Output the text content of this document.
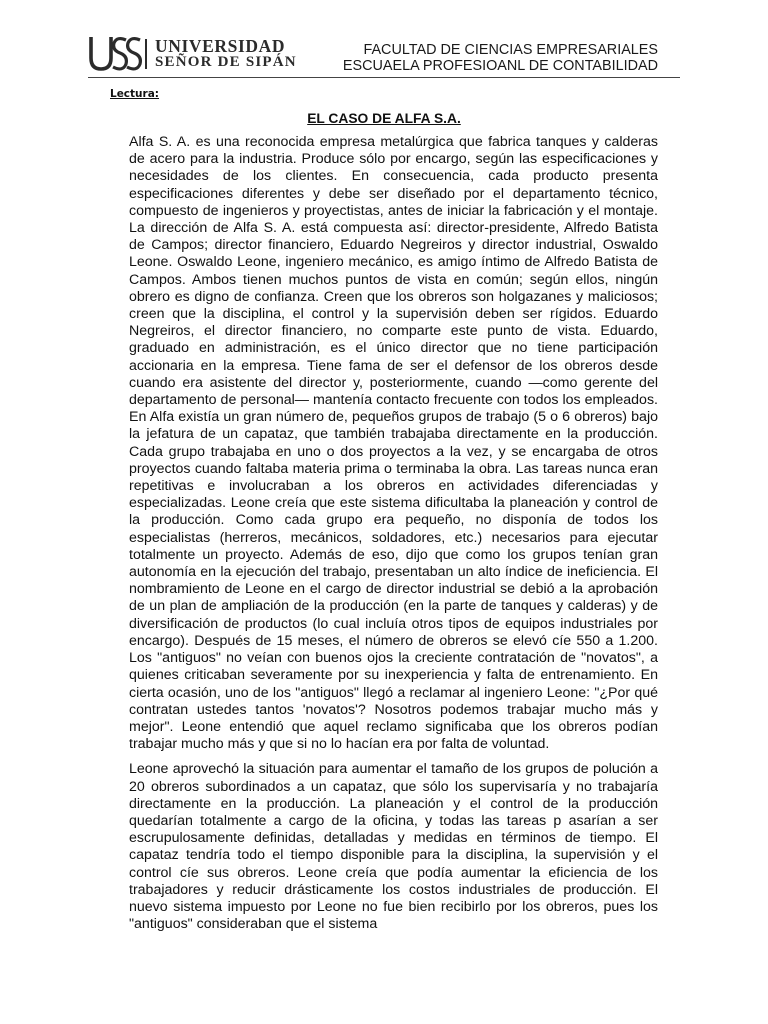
UNIVERSIDAD
SEÑOR DE SIPÁN
FACULTAD DE CIENCIAS EMPRESARIALES
ESCUAELA PROFESIOANL DE CONTABILIDAD
Lectura:
EL CASO DE ALFA S.A.

Alfa S. A. es una reconocida empresa metalúrgica que fabrica tanques y calderas de acero para la industria. Produce sólo por encargo, según las especificaciones y necesidades de los clientes. En consecuencia, cada producto presenta especificaciones diferentes y debe ser diseñado por el departamento técnico, compuesto de ingenieros y proyectistas, antes de iniciar la fabricación y el montaje. La dirección de Alfa S. A. está compuesta así: director-presidente, Alfredo Batista de Campos; director financiero, Eduardo Negreiros y director industrial, Oswaldo Leone. Oswaldo Leone, ingeniero mecánico, es amigo íntimo de Alfredo Batista de Campos. Ambos tienen muchos puntos de vista en común; según ellos, ningún obrero es digno de confianza. Creen que los obreros son holgazanes y maliciosos; creen que la disciplina, el control y la supervisión deben ser rígidos. Eduardo Negreiros, el director financiero, no comparte este punto de vista. Eduardo, graduado en administración, es el único director que no tiene participación accionaria en la empresa. Tiene fama de ser el defensor de los obreros desde cuando era asistente del director y, posteriormente, cuando —como gerente del departamento de personal— mantenía contacto frecuente con todos los empleados. En Alfa existía un gran número de, pequeños grupos de trabajo (5 o 6 obreros) bajo la jefatura de un capataz, que también trabajaba directamente en la producción. Cada grupo trabajaba en uno o dos proyectos a la vez, y se encargaba de otros proyectos cuando faltaba materia prima o terminaba la obra. Las tareas nunca eran repetitivas e involucraban a los obreros en actividades diferenciadas y especializadas. Leone creía que este sistema dificultaba la planeación y control de la producción. Como cada grupo era pequeño, no disponía de todos los especialistas (herreros, mecánicos, soldadores, etc.) necesarios para ejecutar totalmente un proyecto. Además de eso, dijo que como los grupos tenían gran autonomía en la ejecución del trabajo, presentaban un alto índice de ineficiencia. El nombramiento de Leone en el cargo de director industrial se debió a la aprobación de un plan de ampliación de la producción (en la parte de tanques y calderas) y de diversificación de productos (lo cual incluía otros tipos de equipos industriales por encargo). Después de 15 meses, el número de obreros se elevó cíe 550 a 1.200. Los "antiguos" no veían con buenos ojos la creciente contratación de "novatos", a quienes criticaban severamente por su inexperiencia y falta de entrenamiento. En cierta ocasión, uno de los "antiguos" llegó a reclamar al ingeniero Leone: "¿Por qué contratan ustedes tantos 'novatos'? Nosotros podemos trabajar mucho más y mejor". Leone entendió que aquel reclamo significaba que los obreros podían trabajar mucho más y que si no lo hacían era por falta de voluntad.

Leone aprovechó la situación para aumentar el tamaño de los grupos de polución a 20 obreros subordinados a un capataz, que sólo los supervisaría y no trabajaría directamente en la producción. La planeación y el control de la producción quedarían totalmente a cargo de la oficina, y todas las tareas p asarían a ser escrupulosamente definidas, detalladas y medidas en términos de tiempo. El capataz tendría todo el tiempo disponible para la disciplina, la supervisión y el control cíe sus obreros. Leone creía que podía aumentar la eficiencia de los trabajadores y reducir drásticamente los costos industriales de producción. El nuevo sistema impuesto por Leone no fue bien recibirlo por los obreros, pues los "antiguos" consideraban que el sistema
